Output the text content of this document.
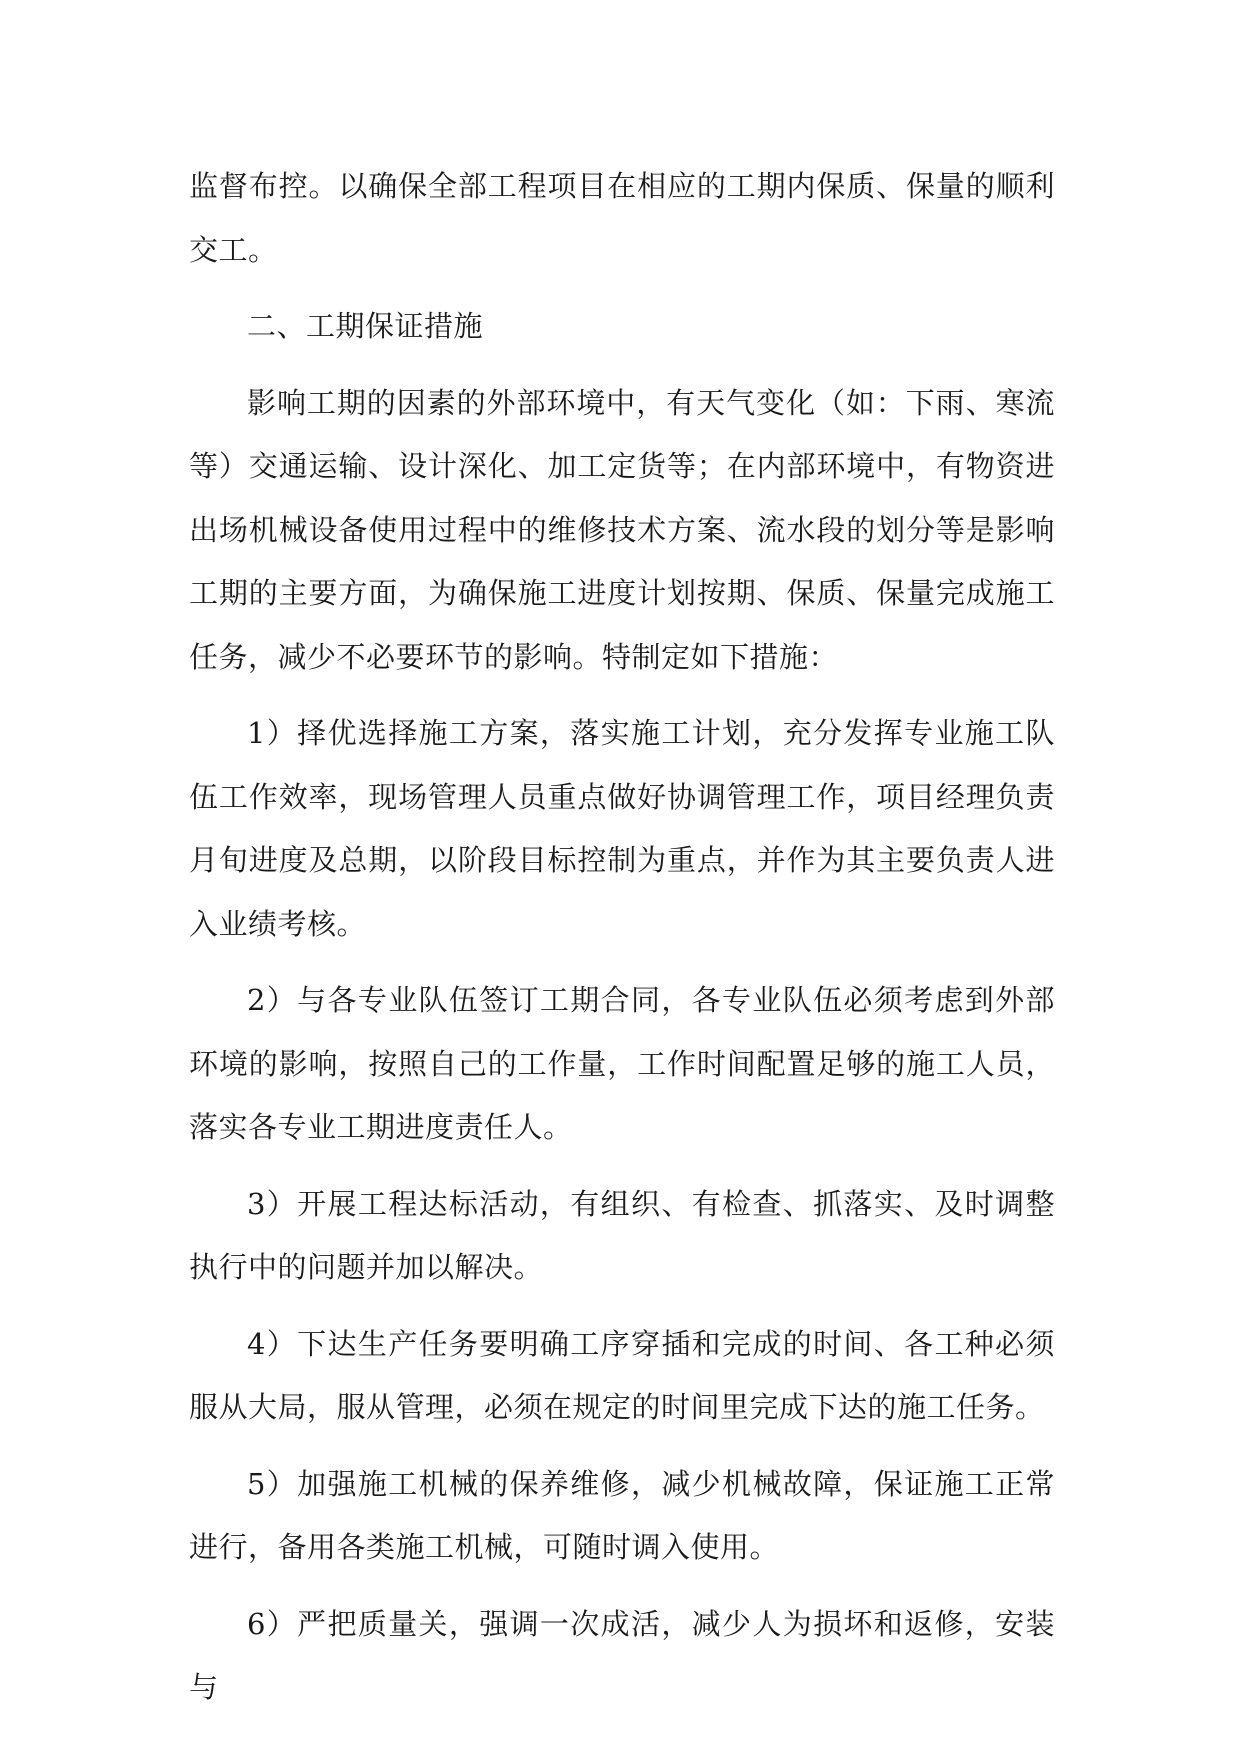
监督布控。以确保全部工程项目在相应的工期内保质、保量的顺利交工。

二、工期保证措施

影响工期的因素的外部环境中，有天气变化（如：下雨、寒流等）交通运输、设计深化、加工定货等；在内部环境中，有物资进出场机械设备使用过程中的维修技术方案、流水段的划分等是影响工期的主要方面，为确保施工进度计划按期、保质、保量完成施工任务，减少不必要环节的影响。特制定如下措施：

1）择优选择施工方案，落实施工计划，充分发挥专业施工队伍工作效率，现场管理人员重点做好协调管理工作，项目经理负责月旬进度及总期，以阶段目标控制为重点，并作为其主要负责人进入业绩考核。

2）与各专业队伍签订工期合同，各专业队伍必须考虑到外部环境的影响，按照自己的工作量，工作时间配置足够的施工人员，落实各专业工期进度责任人。

3）开展工程达标活动，有组织、有检查、抓落实、及时调整执行中的问题并加以解决。

4）下达生产任务要明确工序穿插和完成的时间、各工种必须服从大局，服从管理，必须在规定的时间里完成下达的施工任务。

5）加强施工机械的保养维修，减少机械故障，保证施工正常进行，备用各类施工机械，可随时调入使用。

6）严把质量关，强调一次成活，减少人为损坏和返修，安装与
